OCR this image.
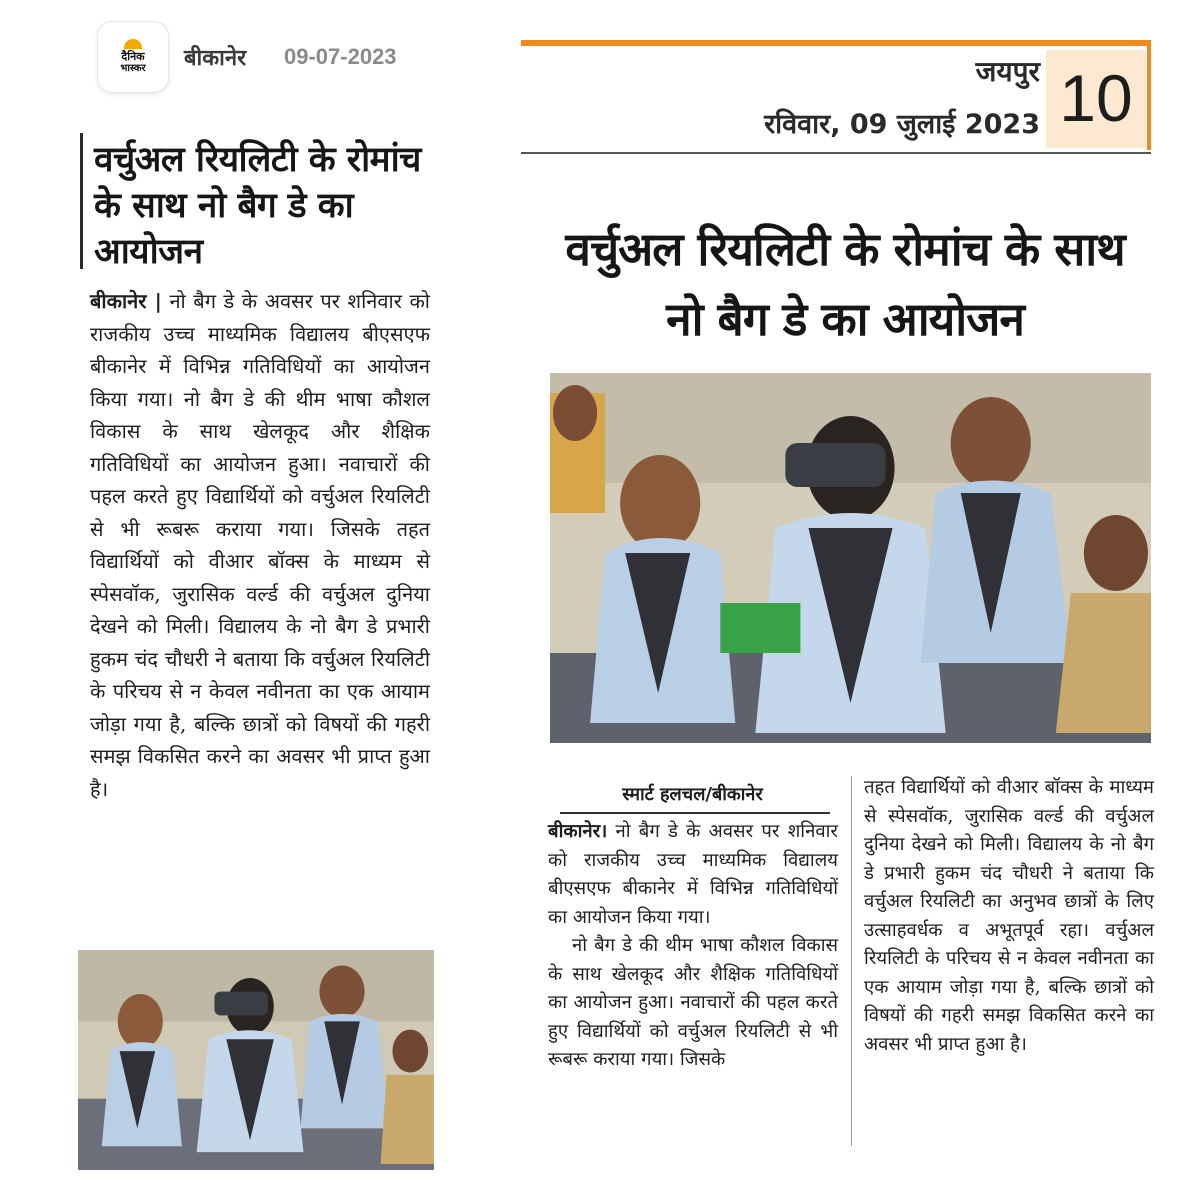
दैनिक
भास्कर बीकानेर 09-07-2023
वर्चुअल रियलिटी के रोमांच के साथ नो बैग डे का आयोजन
बीकानेर | नो बैग डे के अवसर पर शनिवार को राजकीय उच्च माध्यमिक विद्यालय बीएसएफ बीकानेर में विभिन्न गतिविधियों का आयोजन किया गया। नो बैग डे की थीम भाषा कौशल विकास के साथ खेलकूद और शैक्षिक गतिविधियों का आयोजन हुआ। नवाचारों की पहल करते हुए विद्यार्थियों को वर्चुअल रियलिटी से भी रूबरू कराया गया। जिसके तहत विद्यार्थियों को वीआर बॉक्स के माध्यम से स्पेसवॉक, जुरासिक वर्ल्ड की वर्चुअल दुनिया देखने को मिली। विद्यालय के नो बैग डे प्रभारी हुकम चंद चौधरी ने बताया कि वर्चुअल रियलिटी के परिचय से न केवल नवीनता का एक आयाम जोड़ा गया है, बल्कि छात्रों को विषयों की गहरी समझ विकसित करने का अवसर भी प्राप्त हुआ है।
जयपुर
रविवार, 09 जुलाई 2023 10
वर्चुअल रियलिटी के रोमांच के साथ नो बैग डे का आयोजन
स्मार्ट हलचल/बीकानेर

बीकानेर। नो बैग डे के अवसर पर शनिवार को राजकीय उच्च माध्यमिक विद्यालय बीएसएफ बीकानेर में विभिन्न गतिविधियों का आयोजन किया गया।

नो बैग डे की थीम भाषा कौशल विकास के साथ खेलकूद और शैक्षिक गतिविधियों का आयोजन हुआ। नवाचारों की पहल करते हुए विद्यार्थियों को वर्चुअल रियलिटी से भी रूबरू कराया गया। जिसके

तहत विद्यार्थियों को वीआर बॉक्स के माध्यम से स्पेसवॉक, जुरासिक वर्ल्ड की वर्चुअल दुनिया देखने को मिली। विद्यालय के नो बैग डे प्रभारी हुकम चंद चौधरी ने बताया कि वर्चुअल रियलिटी का अनुभव छात्रों के लिए उत्साहवर्धक व अभूतपूर्व रहा। वर्चुअल रियलिटी के परिचय से न केवल नवीनता का एक आयाम जोड़ा गया है, बल्कि छात्रों को विषयों की गहरी समझ विकसित करने का अवसर भी प्राप्त हुआ है।
